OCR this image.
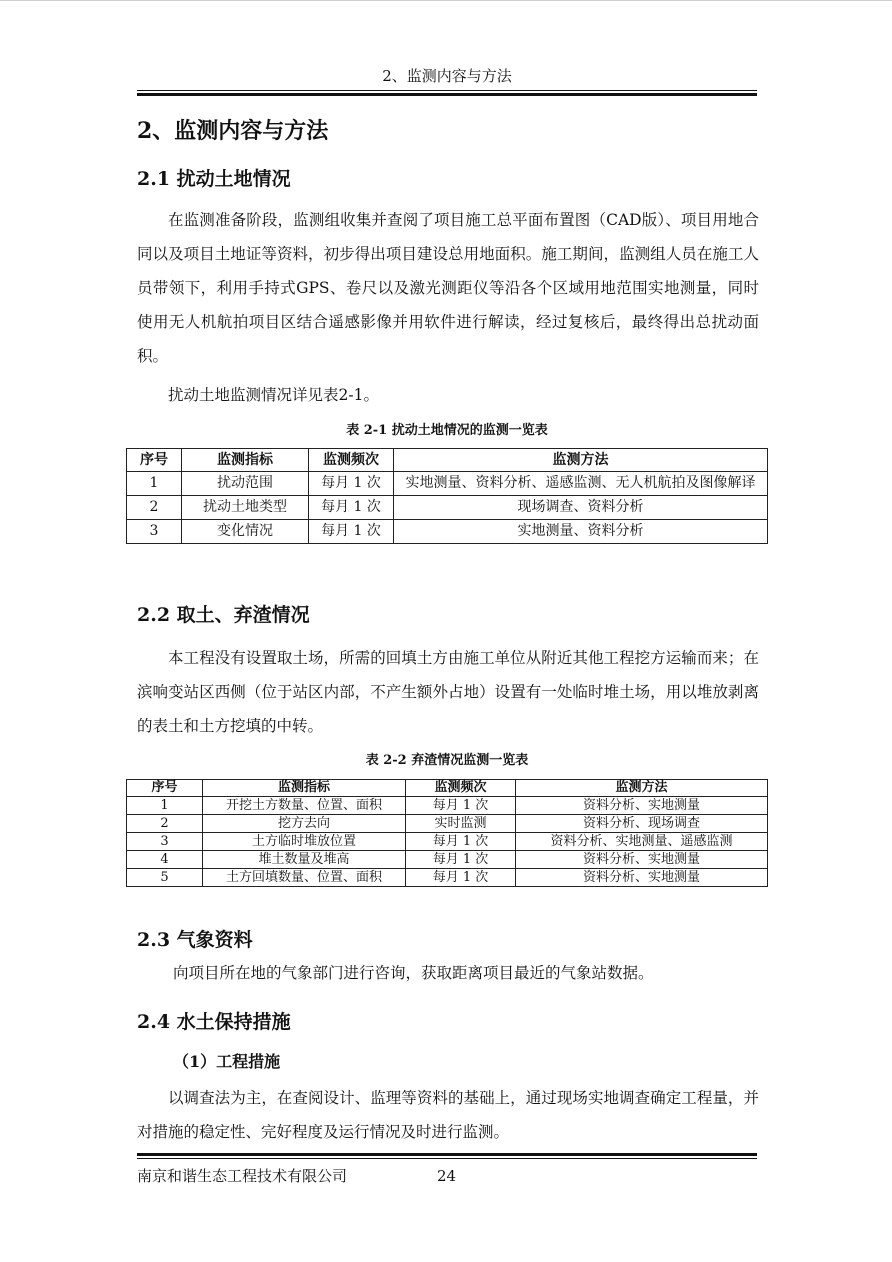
2、监测内容与方法
2、监测内容与方法
2.1 扰动土地情况

在监测准备阶段，监测组收集并查阅了项目施工总平面布置图（CAD版）、项目用地合同以及项目土地证等资料，初步得出项目建设总用地面积。施工期间，监测组人员在施工人员带领下，利用手持式GPS、卷尺以及激光测距仪等沿各个区域用地范围实地测量，同时使用无人机航拍项目区结合遥感影像并用软件进行解读，经过复核后，最终得出总扰动面积。

扰动土地监测情况详见表2-1。

表 2-1 扰动土地情况的监测一览表
序号	监测指标	监测频次	监测方法
1	扰动范围	每月 1 次	实地测量、资料分析、遥感监测、无人机航拍及图像解译
2	扰动土地类型	每月 1 次	现场调查、资料分析
3	变化情况	每月 1 次	实地测量、资料分析
2.2 取土、弃渣情况

本工程没有设置取土场，所需的回填土方由施工单位从附近其他工程挖方运输而来；在滨响变站区西侧（位于站区内部，不产生额外占地）设置有一处临时堆土场，用以堆放剥离的表土和土方挖填的中转。

表 2-2 弃渣情况监测一览表
序号	监测指标	监测频次	监测方法
1	开挖土方数量、位置、面积	每月 1 次	资料分析、实地测量
2	挖方去向	实时监测	资料分析、现场调查
3	土方临时堆放位置	每月 1 次	资料分析、实地测量、遥感监测
4	堆土数量及堆高	每月 1 次	资料分析、实地测量
5	土方回填数量、位置、面积	每月 1 次	资料分析、实地测量
2.3 气象资料

向项目所在地的气象部门进行咨询，获取距离项目最近的气象站数据。

2.4 水土保持措施
（1）工程措施

以调查法为主，在查阅设计、监理等资料的基础上，通过现场实地调查确定工程量，并对措施的稳定性、完好程度及运行情况及时进行监测。

南京和谐生态工程技术有限公司	24
